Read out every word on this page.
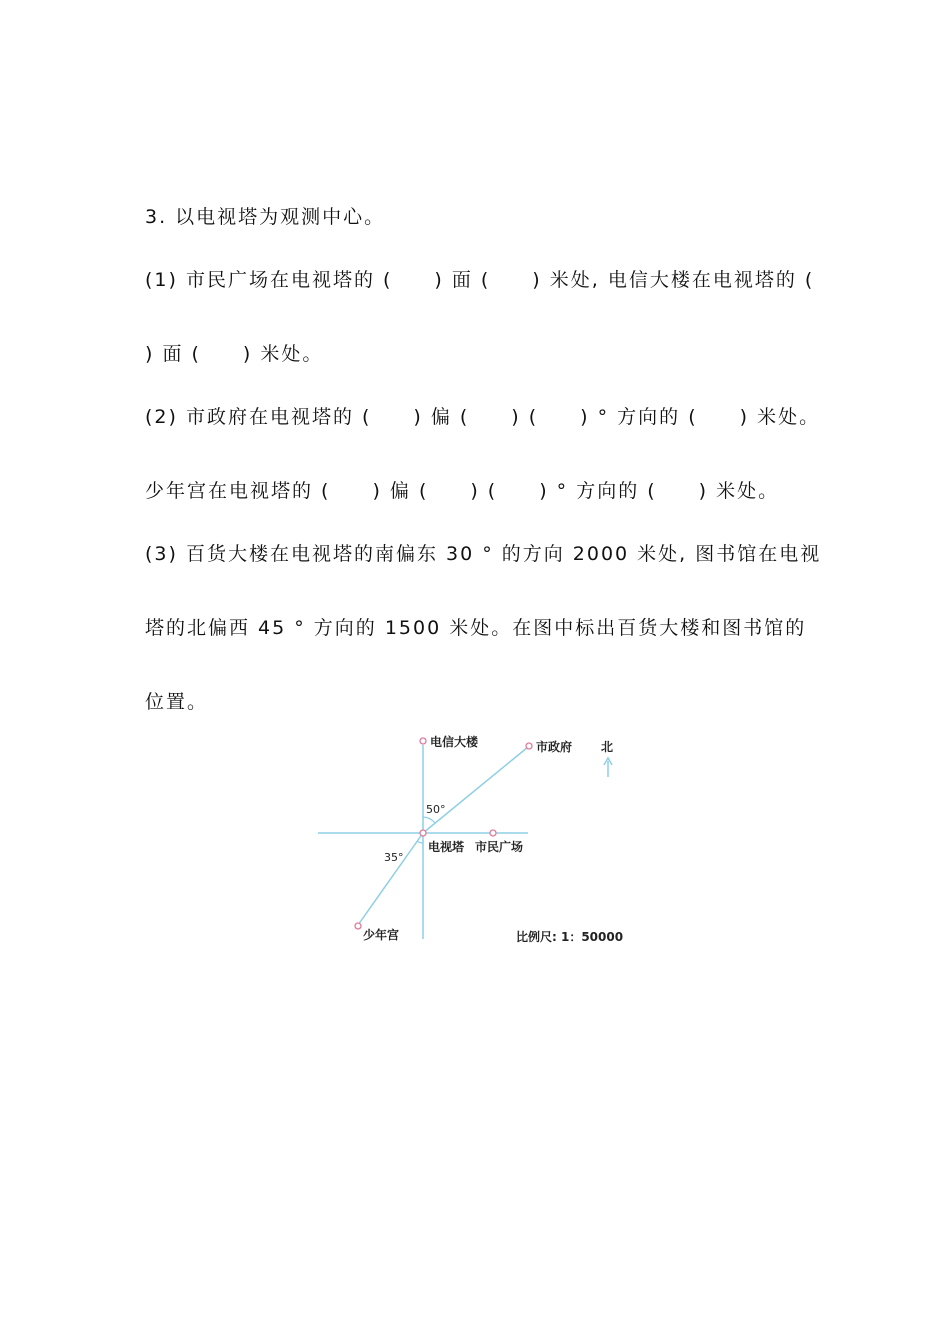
3. 以电视塔为观测中心。
(1) 市民广场在电视塔的 (　　) 面 (　　) 米处, 电信大楼在电视塔的 (
) 面 (　　) 米处。
(2) 市政府在电视塔的 (　　) 偏 (　　) (　　) ° 方向的 (　　) 米处。
少年宫在电视塔的 (　　) 偏 (　　) (　　) ° 方向的 (　　) 米处。
(3) 百货大楼在电视塔的南偏东 30 ° 的方向 2000 米处, 图书馆在电视
塔的北偏西 45 ° 方向的 1500 米处。在图中标出百货大楼和图书馆的
位置。
电信大楼	市政府 北
50°
电视塔 市民广场
35°
少年宫	比例尺: 1：50000
